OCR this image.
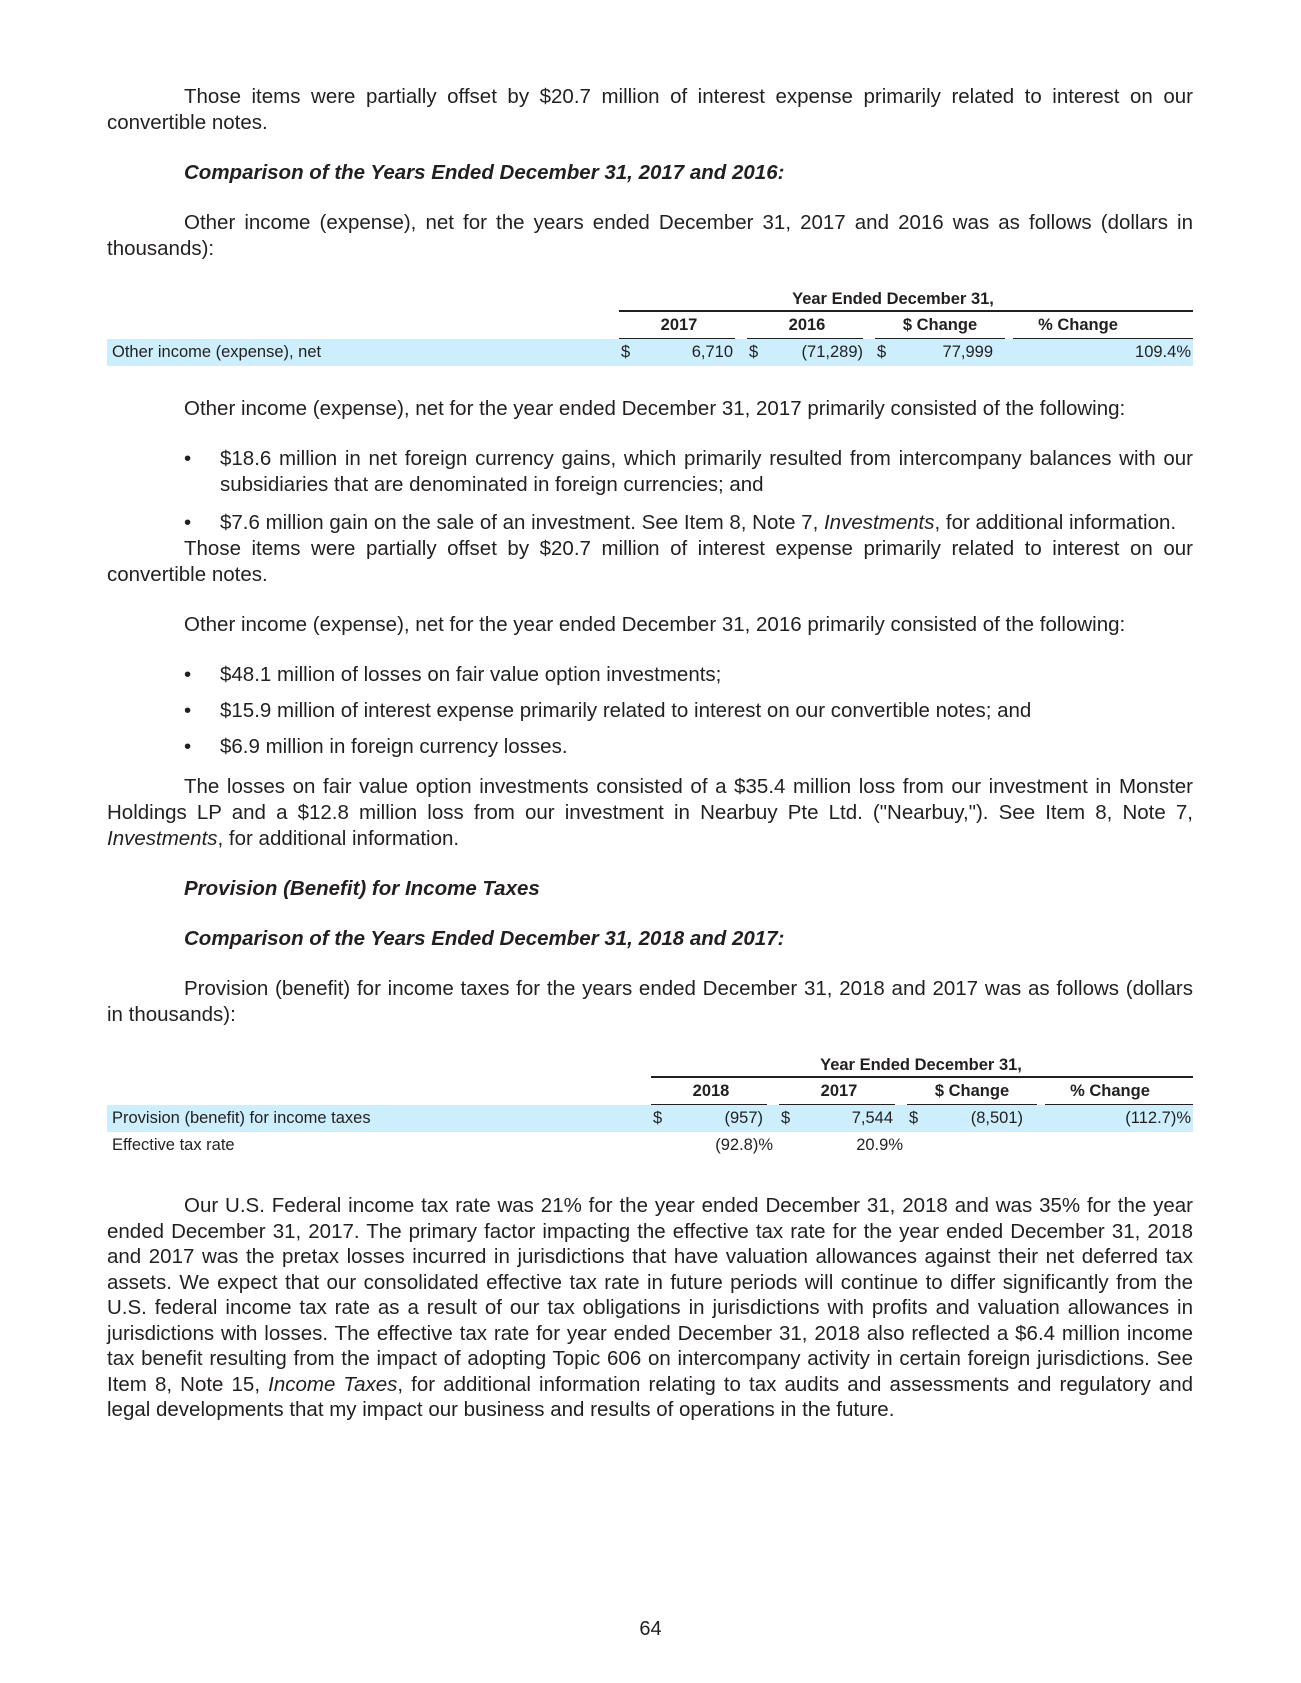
Those items were partially offset by $20.7 million of interest expense primarily related to interest on our convertible notes.

Comparison of the Years Ended December 31, 2017 and 2016:

Other income (expense), net for the years ended December 31, 2017 and 2016 was as follows (dollars in thousands):

Year Ended December 31,
2017	2016	$ Change	% Change
Other income (expense), net	$	6,710 $	(71,289) $	77,999	109.4%

Other income (expense), net for the year ended December 31, 2017 primarily consisted of the following:

• $18.6 million in net foreign currency gains, which primarily resulted from intercompany balances with our subsidiaries that are denominated in foreign currencies; and
• $7.6 million gain on the sale of an investment. See Item 8, Note 7, Investments, for additional information.

Those items were partially offset by $20.7 million of interest expense primarily related to interest on our convertible notes.

Other income (expense), net for the year ended December 31, 2016 primarily consisted of the following:

• $48.1 million of losses on fair value option investments;
• $15.9 million of interest expense primarily related to interest on our convertible notes; and
• $6.9 million in foreign currency losses.

The losses on fair value option investments consisted of a $35.4 million loss from our investment in Monster Holdings LP and a $12.8 million loss from our investment in Nearbuy Pte Ltd. ("Nearbuy,"). See Item 8, Note 7, Investments, for additional information.

Provision (Benefit) for Income Taxes

Comparison of the Years Ended December 31, 2018 and 2017:

Provision (benefit) for income taxes for the years ended December 31, 2018 and 2017 was as follows (dollars in thousands):

Year Ended December 31,
2018	2017	$ Change	% Change
Provision (benefit) for income taxes	$	(957) $	7,544 $	(8,501)	(112.7)%
Effective tax rate	(92.8)%	20.9%

Our U.S. Federal income tax rate was 21% for the year ended December 31, 2018 and was 35% for the year ended December 31, 2017. The primary factor impacting the effective tax rate for the year ended December 31, 2018 and 2017 was the pretax losses incurred in jurisdictions that have valuation allowances against their net deferred tax assets. We expect that our consolidated effective tax rate in future periods will continue to differ significantly from the U.S. federal income tax rate as a result of our tax obligations in jurisdictions with profits and valuation allowances in jurisdictions with losses. The effective tax rate for year ended December 31, 2018 also reflected a $6.4 million income tax benefit resulting from the impact of adopting Topic 606 on intercompany activity in certain foreign jurisdictions. See Item 8, Note 15, Income Taxes, for additional information relating to tax audits and assessments and regulatory and legal developments that my impact our business and results of operations in the future.

64
